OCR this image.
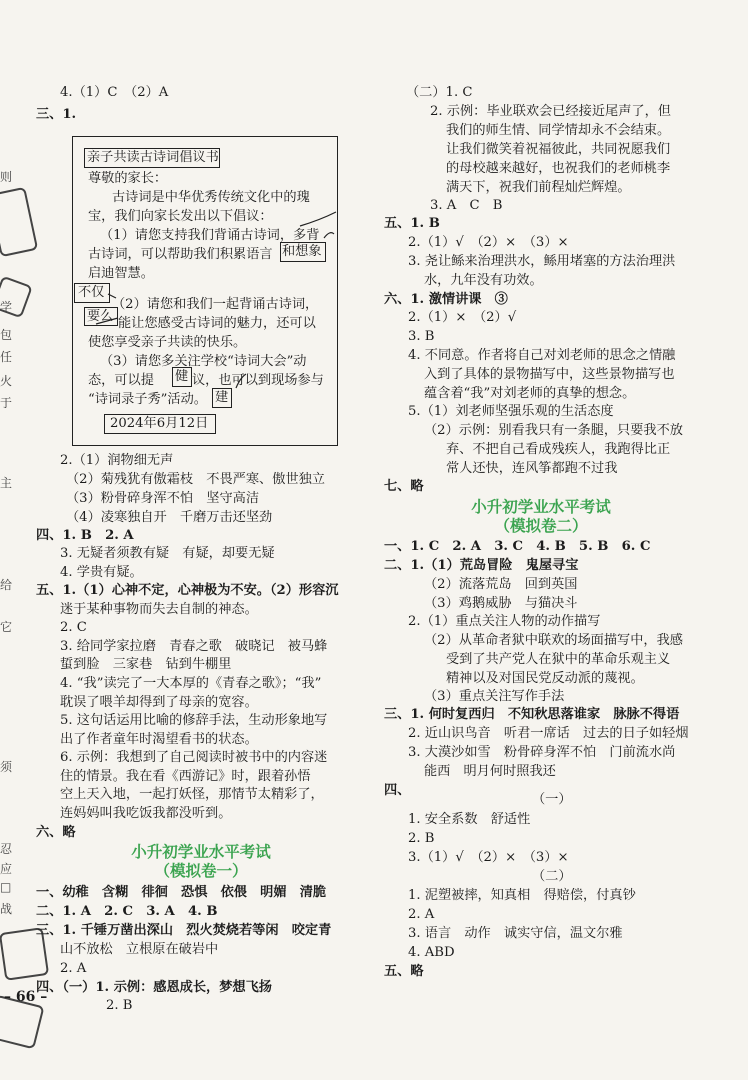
亲子共读古诗词倡议书
和想象
不仅
要么
健
建
2024年6月12日
小升初学业水平考试
（模拟卷一）
小升初学业水平考试
（模拟卷二）
– 66 –
4.（1）C　（2）A
三、1.
2.（1）润物细无声
（2）菊残犹有傲霜枝　不畏严寒、傲世独立
（3）粉骨碎身浑不怕　坚守高洁
（4）凌寒独自开　千磨万击还坚劲
四、1. B　2. A
3. 无疑者须教有疑　有疑，却要无疑
4. 学贵有疑。
五、1.（1）心神不定，心神极为不安。（2）形容沉
迷于某种事物而失去自制的神态。
2. C
3. 给同学家拉磨　青春之歌　破晓记　被马蜂
蜇到脸　三家巷　钻到牛棚里
4. “我”读完了一大本厚的《青春之歌》；“我”
耽误了喂羊却得到了母亲的宽容。
5. 这句话运用比喻的修辞手法，生动形象地写
出了作者童年时渴望看书的状态。
6. 示例：我想到了自己阅读时被书中的内容迷
住的情景。我在看《西游记》时，跟着孙悟
空上天入地，一起打妖怪，那情节太精彩了，
连妈妈叫我吃饭我都没听到。
六、略
一、幼稚　含糊　徘徊　恐惧　依偎　明媚　清脆
二、1. A　2. C　3. A　4. B
三、1. 千锤万凿出深山　烈火焚烧若等闲　咬定青
山不放松　立根原在破岩中
2. A
四、（一）1. 示例：感恩成长，梦想飞扬
2. B
尊敬的家长：
古诗词是中华优秀传统文化中的瑰
宝，我们向家长发出以下倡议：
（1）请您支持我们背诵古诗词，多背
古诗词，可以帮助我们积累语言
启迪智慧。
（2）请您和我们一起背诵古诗词，
能让您感受古诗词的魅力，还可以
使您享受亲子共读的快乐。
（3）请您多关注学校“诗词大会”动
态，可以提	议，也可以到现场参与
“诗词录子秀”活动。
（二）1. C
2. 示例：毕业联欢会已经接近尾声了，但
我们的师生情、同学情却永不会结束。
让我们微笑着祝福彼此，共同祝愿我们
的母校越来越好，也祝我们的老师桃李
满天下，祝我们前程灿烂辉煌。
3. A　C　B
五、1. B
2.（1）√　（2）×　（3）×
3. 尧让鲧来治理洪水，鲧用堵塞的方法治理洪
水，九年没有功效。
六、1. 激情讲课　③
2.（1）×　（2）√
3. B
4. 不同意。作者将自己对刘老师的思念之情融
入到了具体的景物描写中，这些景物描写也
蕴含着“我”对刘老师的真挚的想念。
5.（1）刘老师坚强乐观的生活态度
（2）示例：别看我只有一条腿，只要我不放
弃、不把自己看成残疾人，我跑得比正
常人还快，连风筝都跑不过我
七、略
一、1. C　2. A　3. C　4. B　5. B　6. C
二、1.（1）荒岛冒险　鬼屋寻宝
（2）流落荒岛　回到英国
（3）鸡鹅威胁　与猫决斗
2.（1）重点关注人物的动作描写
（2）从革命者狱中联欢的场面描写中，我感
受到了共产党人在狱中的革命乐观主义
精神以及对国民党反动派的蔑视。
（3）重点关注写作手法
三、1. 何时复西归　不知秋思落谁家　脉脉不得语
2. 近山识鸟音　听君一席话　过去的日子如轻烟
3. 大漠沙如雪　粉骨碎身浑不怕　门前流水尚
能西　明月何时照我还
四、
1. 安全系数　舒适性
2. B
3.（1）√　（2）×　（3）×
1. 泥塑被摔，知真相　得赔偿，付真钞
2. A
3. 语言　动作　诚实守信，温文尔雅
4. ABD
五、略
（一）
（二）
则
学
包
任
火
于
主
给
它
须
忍
应
□
战
